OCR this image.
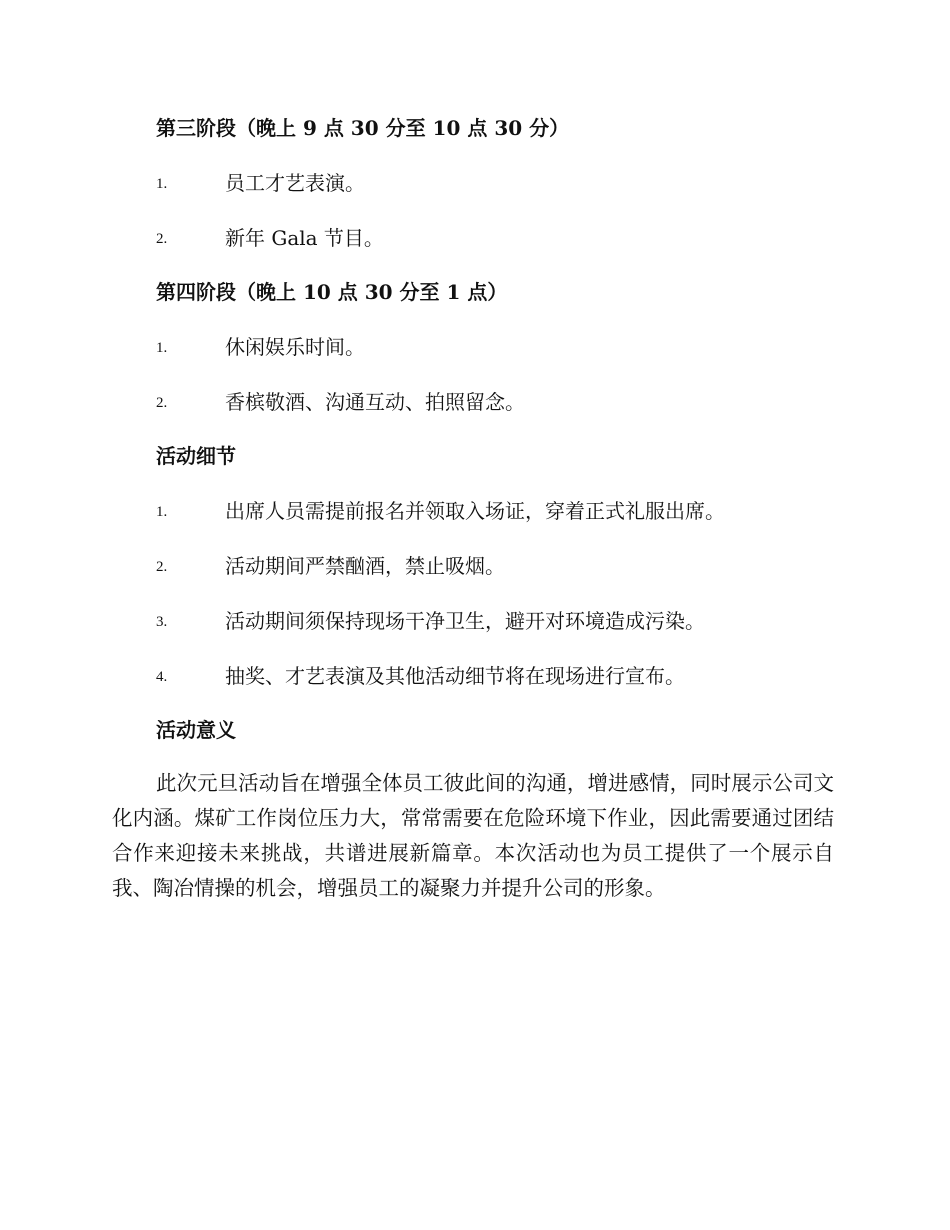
第三阶段（晚上 9 点 30 分至 10 点 30 分）
1.	员工才艺表演。
2.	新年 Gala 节目。
第四阶段（晚上 10 点 30 分至 1 点）
1.	休闲娱乐时间。
2.	香槟敬酒、沟通互动、拍照留念。
活动细节
1.	出席人员需提前报名并领取入场证，穿着正式礼服出席。
2.	活动期间严禁酗酒，禁止吸烟。
3.	活动期间须保持现场干净卫生，避开对环境造成污染。
4.	抽奖、才艺表演及其他活动细节将在现场进行宣布。
活动意义

此次元旦活动旨在增强全体员工彼此间的沟通，增进感情，同时展示公司文化内涵。煤矿工作岗位压力大，常常需要在危险环境下作业，因此需要通过团结合作来迎接未来挑战，共谱进展新篇章。本次活动也为员工提供了一个展示自我、陶冶情操的机会，增强员工的凝聚力并提升公司的形象。
